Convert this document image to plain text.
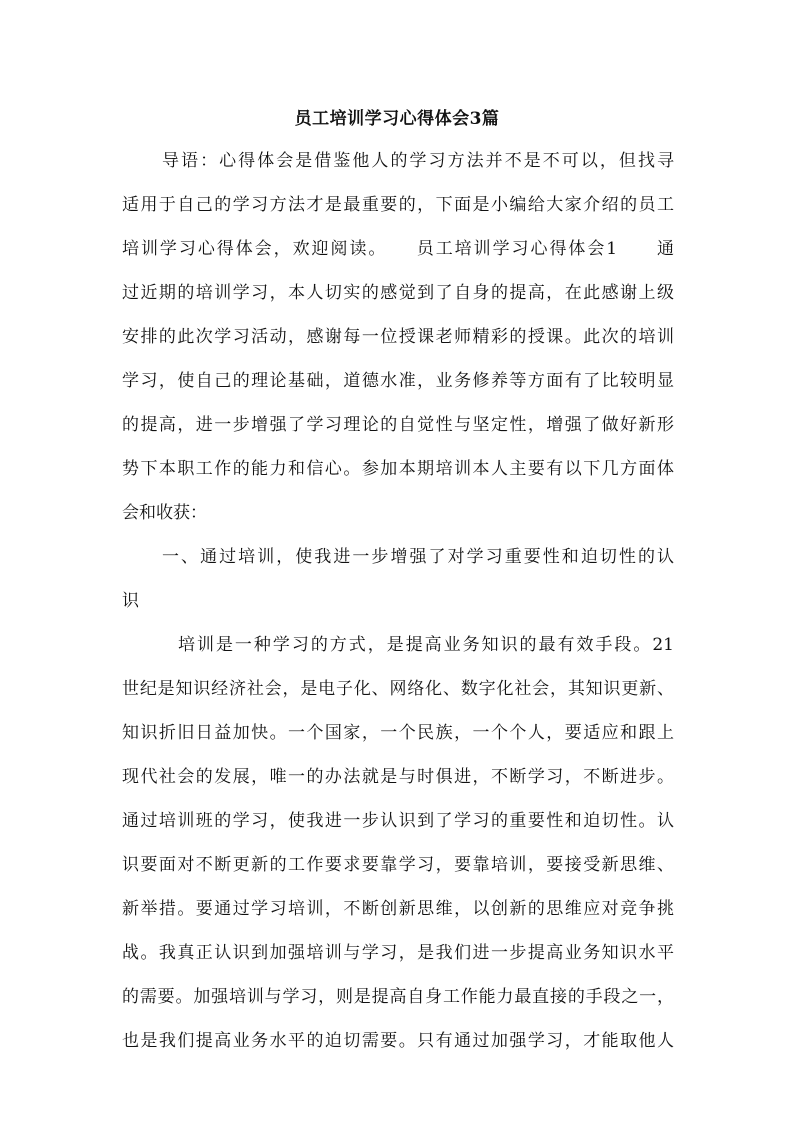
员工培训学习心得体会3篇
导语：心得体会是借鉴他人的学习方法并不是不可以，但找寻
适用于自己的学习方法才是最重要的，下面是小编给大家介绍的员工
培训学习心得体会，欢迎阅读。　　员工培训学习心得体会1　　通
过近期的培训学习，本人切实的感觉到了自身的提高，在此感谢上级
安排的此次学习活动，感谢每一位授课老师精彩的授课。此次的培训
学习，使自己的理论基础，道德水准，业务修养等方面有了比较明显
的提高，进一步增强了学习理论的自觉性与坚定性，增强了做好新形
势下本职工作的能力和信心。参加本期培训本人主要有以下几方面体
会和收获：
一、通过培训，使我进一步增强了对学习重要性和迫切性的认
识
培训是一种学习的方式，是提高业务知识的最有效手段。21
世纪是知识经济社会，是电子化、网络化、数字化社会，其知识更新、
知识折旧日益加快。一个国家，一个民族，一个个人，要适应和跟上
现代社会的发展，唯一的办法就是与时俱进，不断学习，不断进步。
通过培训班的学习，使我进一步认识到了学习的重要性和迫切性。认
识要面对不断更新的工作要求要靠学习，要靠培训，要接受新思维、
新举措。要通过学习培训，不断创新思维，以创新的思维应对竞争挑
战。我真正认识到加强培训与学习，是我们进一步提高业务知识水平
的需要。加强培训与学习，则是提高自身工作能力最直接的手段之一，
也是我们提高业务水平的迫切需要。只有通过加强学习，才能取他人
